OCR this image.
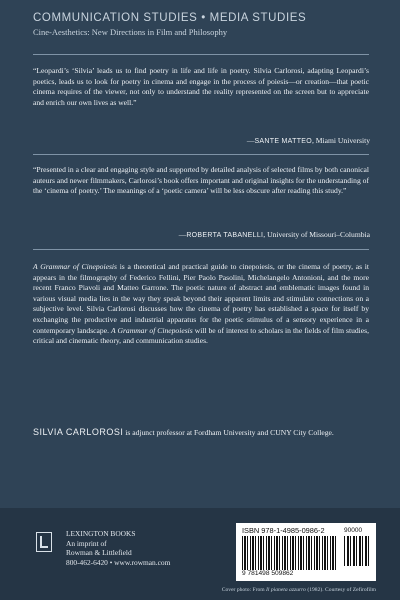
COMMUNICATION STUDIES • MEDIA STUDIES
Cine-Aesthetics: New Directions in Film and Philosophy
“Leopardi’s ‘Silvia’ leads us to find poetry in life and life in poetry. Silvia Carlorosi, adapting Leopardi’s poetics, leads us to look for poetry in cinema and engage in the process of poiesis—or creation—that poetic cinema requires of the viewer, not only to understand the reality represented on the screen but to appreciate and enrich our own lives as well.”
—SANTE MATTEO, Miami University
“Presented in a clear and engaging style and supported by detailed analysis of selected films by both canonical auteurs and newer filmmakers, Carlorosi’s book offers important and original insights for the understanding of the ‘cinema of poetry.’ The meanings of a ‘poetic camera’ will be less obscure after reading this study.”
—ROBERTA TABANELLI, University of Missouri–Columbia
A Grammar of Cinepoiesis is a theoretical and practical guide to cinepoiesis, or the cinema of poetry, as it appears in the filmography of Federico Fellini, Pier Paolo Pasolini, Michelangelo Antonioni, and the more recent Franco Piavoli and Matteo Garrone. The poetic nature of abstract and emblematic images found in various visual media lies in the way they speak beyond their apparent limits and stimulate connections on a subjective level. Silvia Carlorosi discusses how the cinema of poetry has established a space for itself by exchanging the productive and industrial apparatus for the poetic stimulus of a sensory experience in a contemporary landscape. A Grammar of Cinepoiesis will be of interest to scholars in the fields of film studies, critical and cinematic theory, and communication studies.
SILVIA CARLOROSI is adjunct professor at Fordham University and CUNY City College.
LEXINGTON BOOKS
An imprint of
Rowman & Littlefield
800-462-6420 • www.rowman.com
ISBN 978-1-4985-0986-2	90000
9 781498 509862
Cover photo: From Il pianeta azzurro (1982). Courtesy of Zefirofilm
